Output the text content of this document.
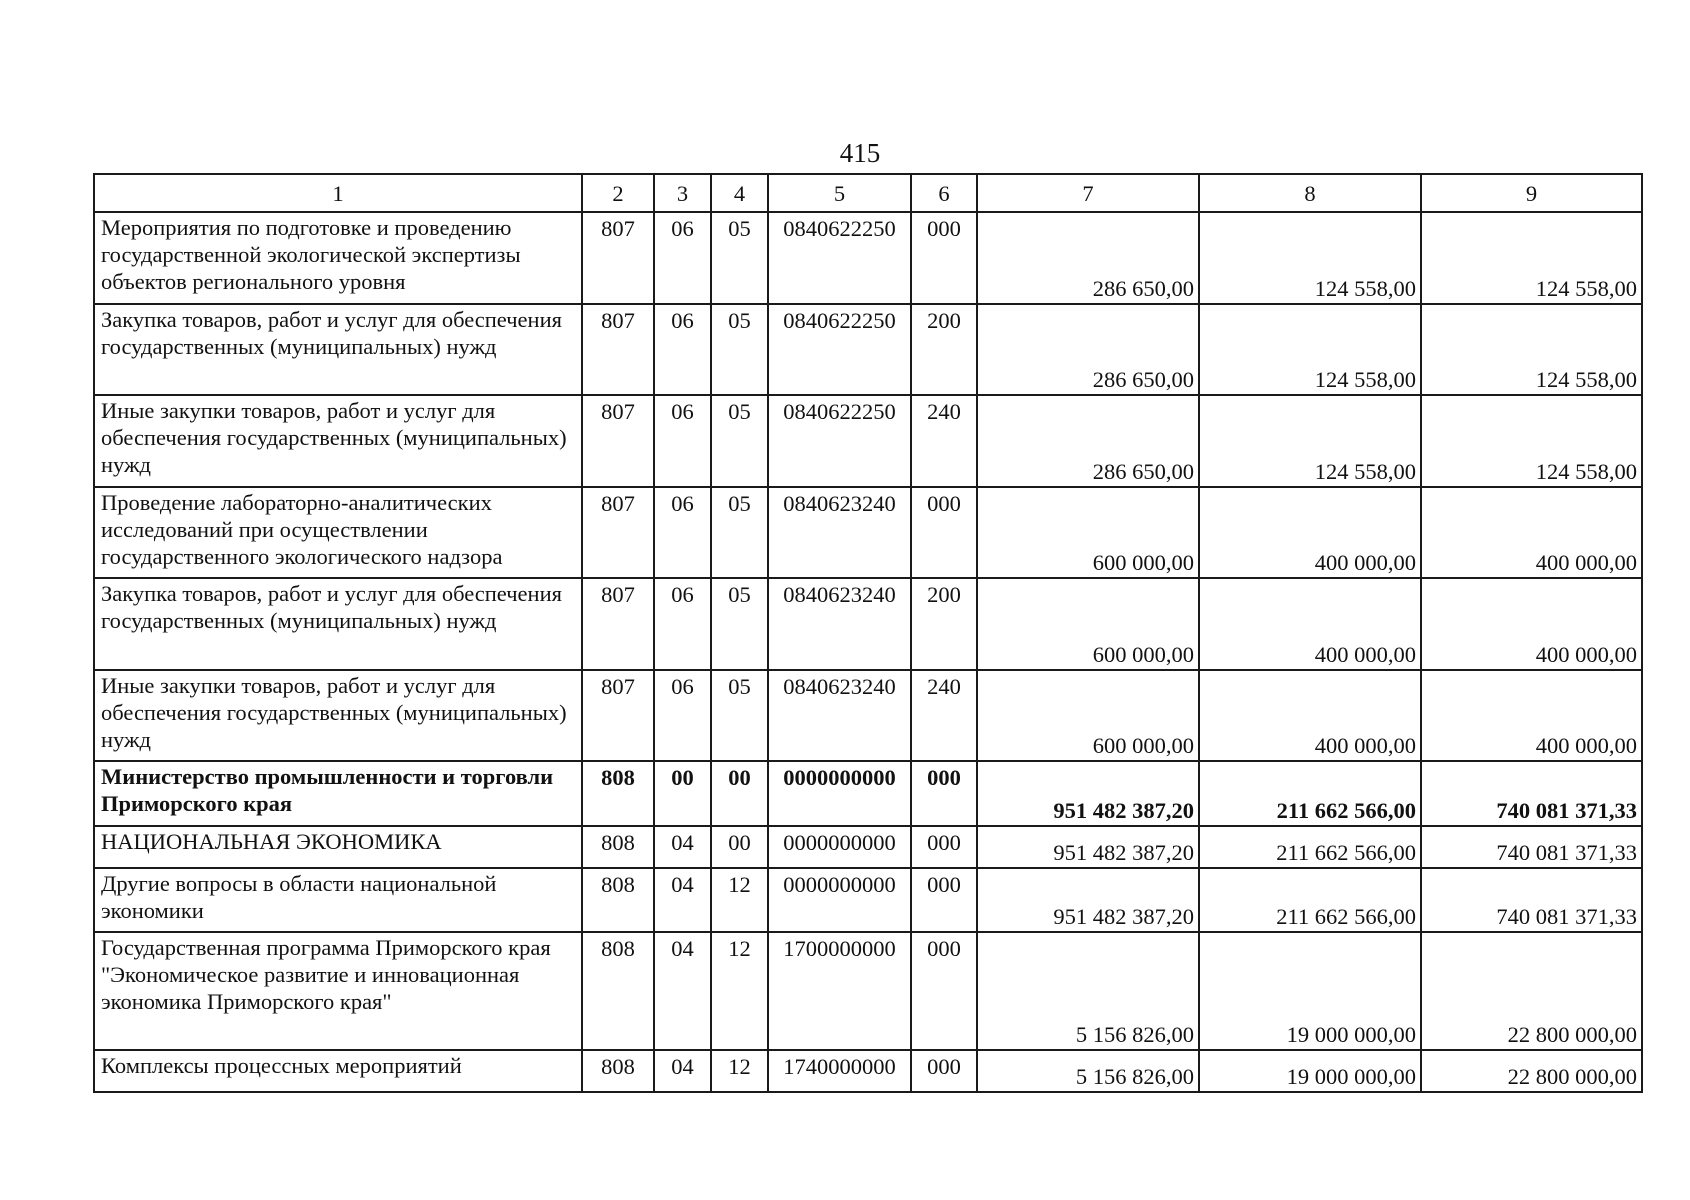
415
1	2	3	4	5	6	7	8	9
Мероприятия по подготовке и проведению государственной экологической экспертизы объектов регионального уровня	807	06	05	0840622250	000	286 650,00	124 558,00	124 558,00
Закупка товаров, работ и услуг для обеспечения государственных (муниципальных) нужд	807	06	05	0840622250	200	286 650,00	124 558,00	124 558,00
Иные закупки товаров, работ и услуг для обеспечения государственных (муниципальных) нужд	807	06	05	0840622250	240	286 650,00	124 558,00	124 558,00
Проведение лабораторно-аналитических исследований при осуществлении государственного экологического надзора	807	06	05	0840623240	000	600 000,00	400 000,00	400 000,00
Закупка товаров, работ и услуг для обеспечения государственных (муниципальных) нужд	807	06	05	0840623240	200	600 000,00	400 000,00	400 000,00
Иные закупки товаров, работ и услуг для обеспечения государственных (муниципальных) нужд	807	06	05	0840623240	240	600 000,00	400 000,00	400 000,00
Министерство промышленности и торговли Приморского края	808	00	00	0000000000	000	951 482 387,20	211 662 566,00	740 081 371,33
НАЦИОНАЛЬНАЯ ЭКОНОМИКА	808	04	00	0000000000	000	951 482 387,20	211 662 566,00	740 081 371,33
Другие вопросы в области национальной экономики	808	04	12	0000000000	000	951 482 387,20	211 662 566,00	740 081 371,33
Государственная программа Приморского края "Экономическое развитие и инновационная экономика Приморского края"	808	04	12	1700000000	000	5 156 826,00	19 000 000,00	22 800 000,00
Комплексы процессных мероприятий	808	04	12	1740000000	000	5 156 826,00	19 000 000,00	22 800 000,00
